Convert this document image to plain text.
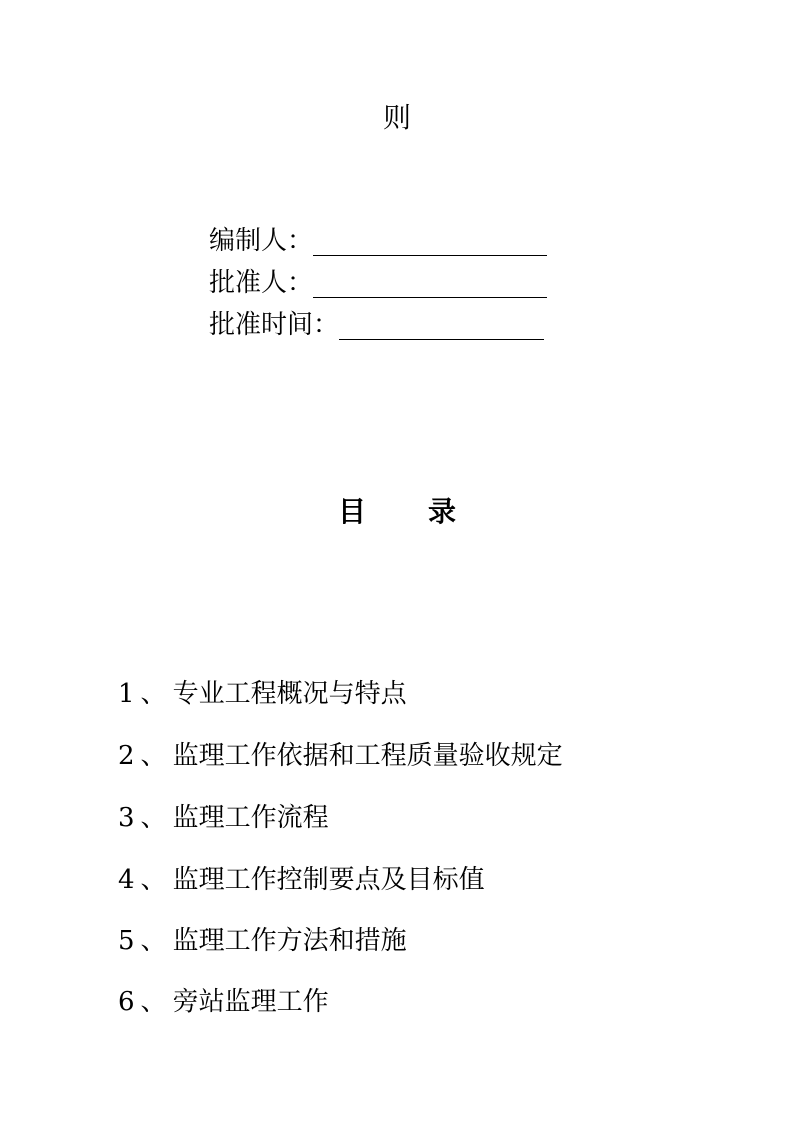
则
编制人：
批准人：
批准时间：
目 录
1 、 专业工程概况与特点
2 、 监理工作依据和工程质量验收规定
3 、 监理工作流程
4 、 监理工作控制要点及目标值
5 、 监理工作方法和措施
6 、 旁站监理工作
